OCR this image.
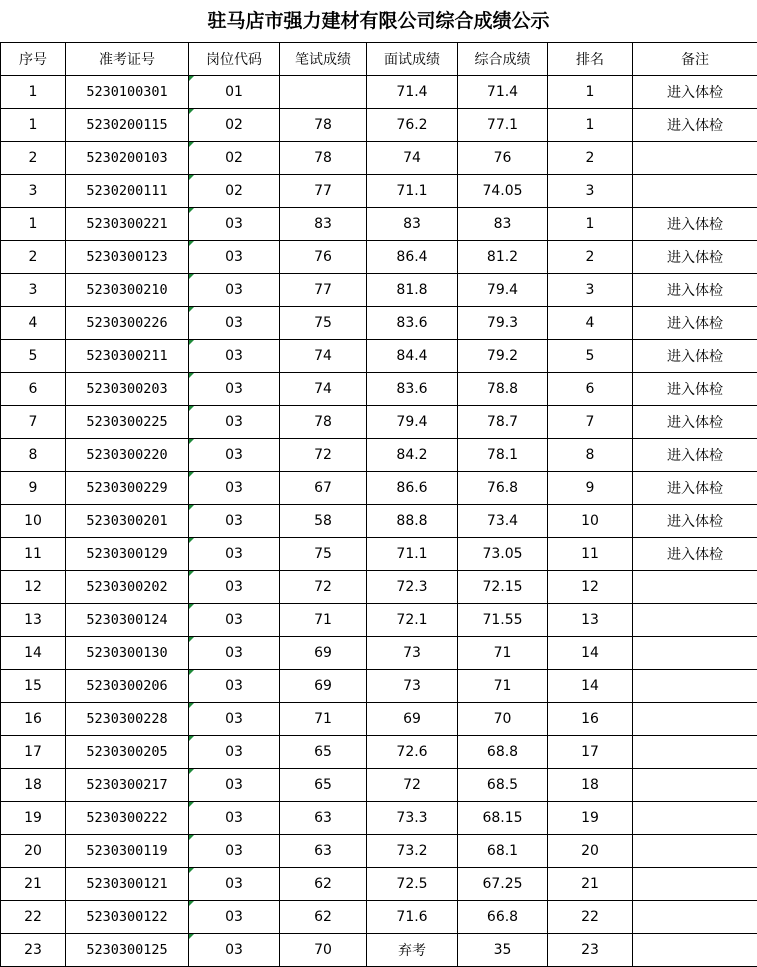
驻马店市强力建材有限公司综合成绩公示
序号	准考证号	岗位代码	笔试成绩	面试成绩	综合成绩	排名	备注
1	5230100301	01		71.4	71.4	1	进入体检
1	5230200115	02	78	76.2	77.1	1	进入体检
2	5230200103	02	78	74	76	2	
3	5230200111	02	77	71.1	74.05	3	
1	5230300221	03	83	83	83	1	进入体检
2	5230300123	03	76	86.4	81.2	2	进入体检
3	5230300210	03	77	81.8	79.4	3	进入体检
4	5230300226	03	75	83.6	79.3	4	进入体检
5	5230300211	03	74	84.4	79.2	5	进入体检
6	5230300203	03	74	83.6	78.8	6	进入体检
7	5230300225	03	78	79.4	78.7	7	进入体检
8	5230300220	03	72	84.2	78.1	8	进入体检
9	5230300229	03	67	86.6	76.8	9	进入体检
10	5230300201	03	58	88.8	73.4	10	进入体检
11	5230300129	03	75	71.1	73.05	11	进入体检
12	5230300202	03	72	72.3	72.15	12	
13	5230300124	03	71	72.1	71.55	13	
14	5230300130	03	69	73	71	14	
15	5230300206	03	69	73	71	14	
16	5230300228	03	71	69	70	16	
17	5230300205	03	65	72.6	68.8	17	
18	5230300217	03	65	72	68.5	18	
19	5230300222	03	63	73.3	68.15	19	
20	5230300119	03	63	73.2	68.1	20	
21	5230300121	03	62	72.5	67.25	21	
22	5230300122	03	62	71.6	66.8	22	
23	5230300125	03	70	弃考	35	23	
